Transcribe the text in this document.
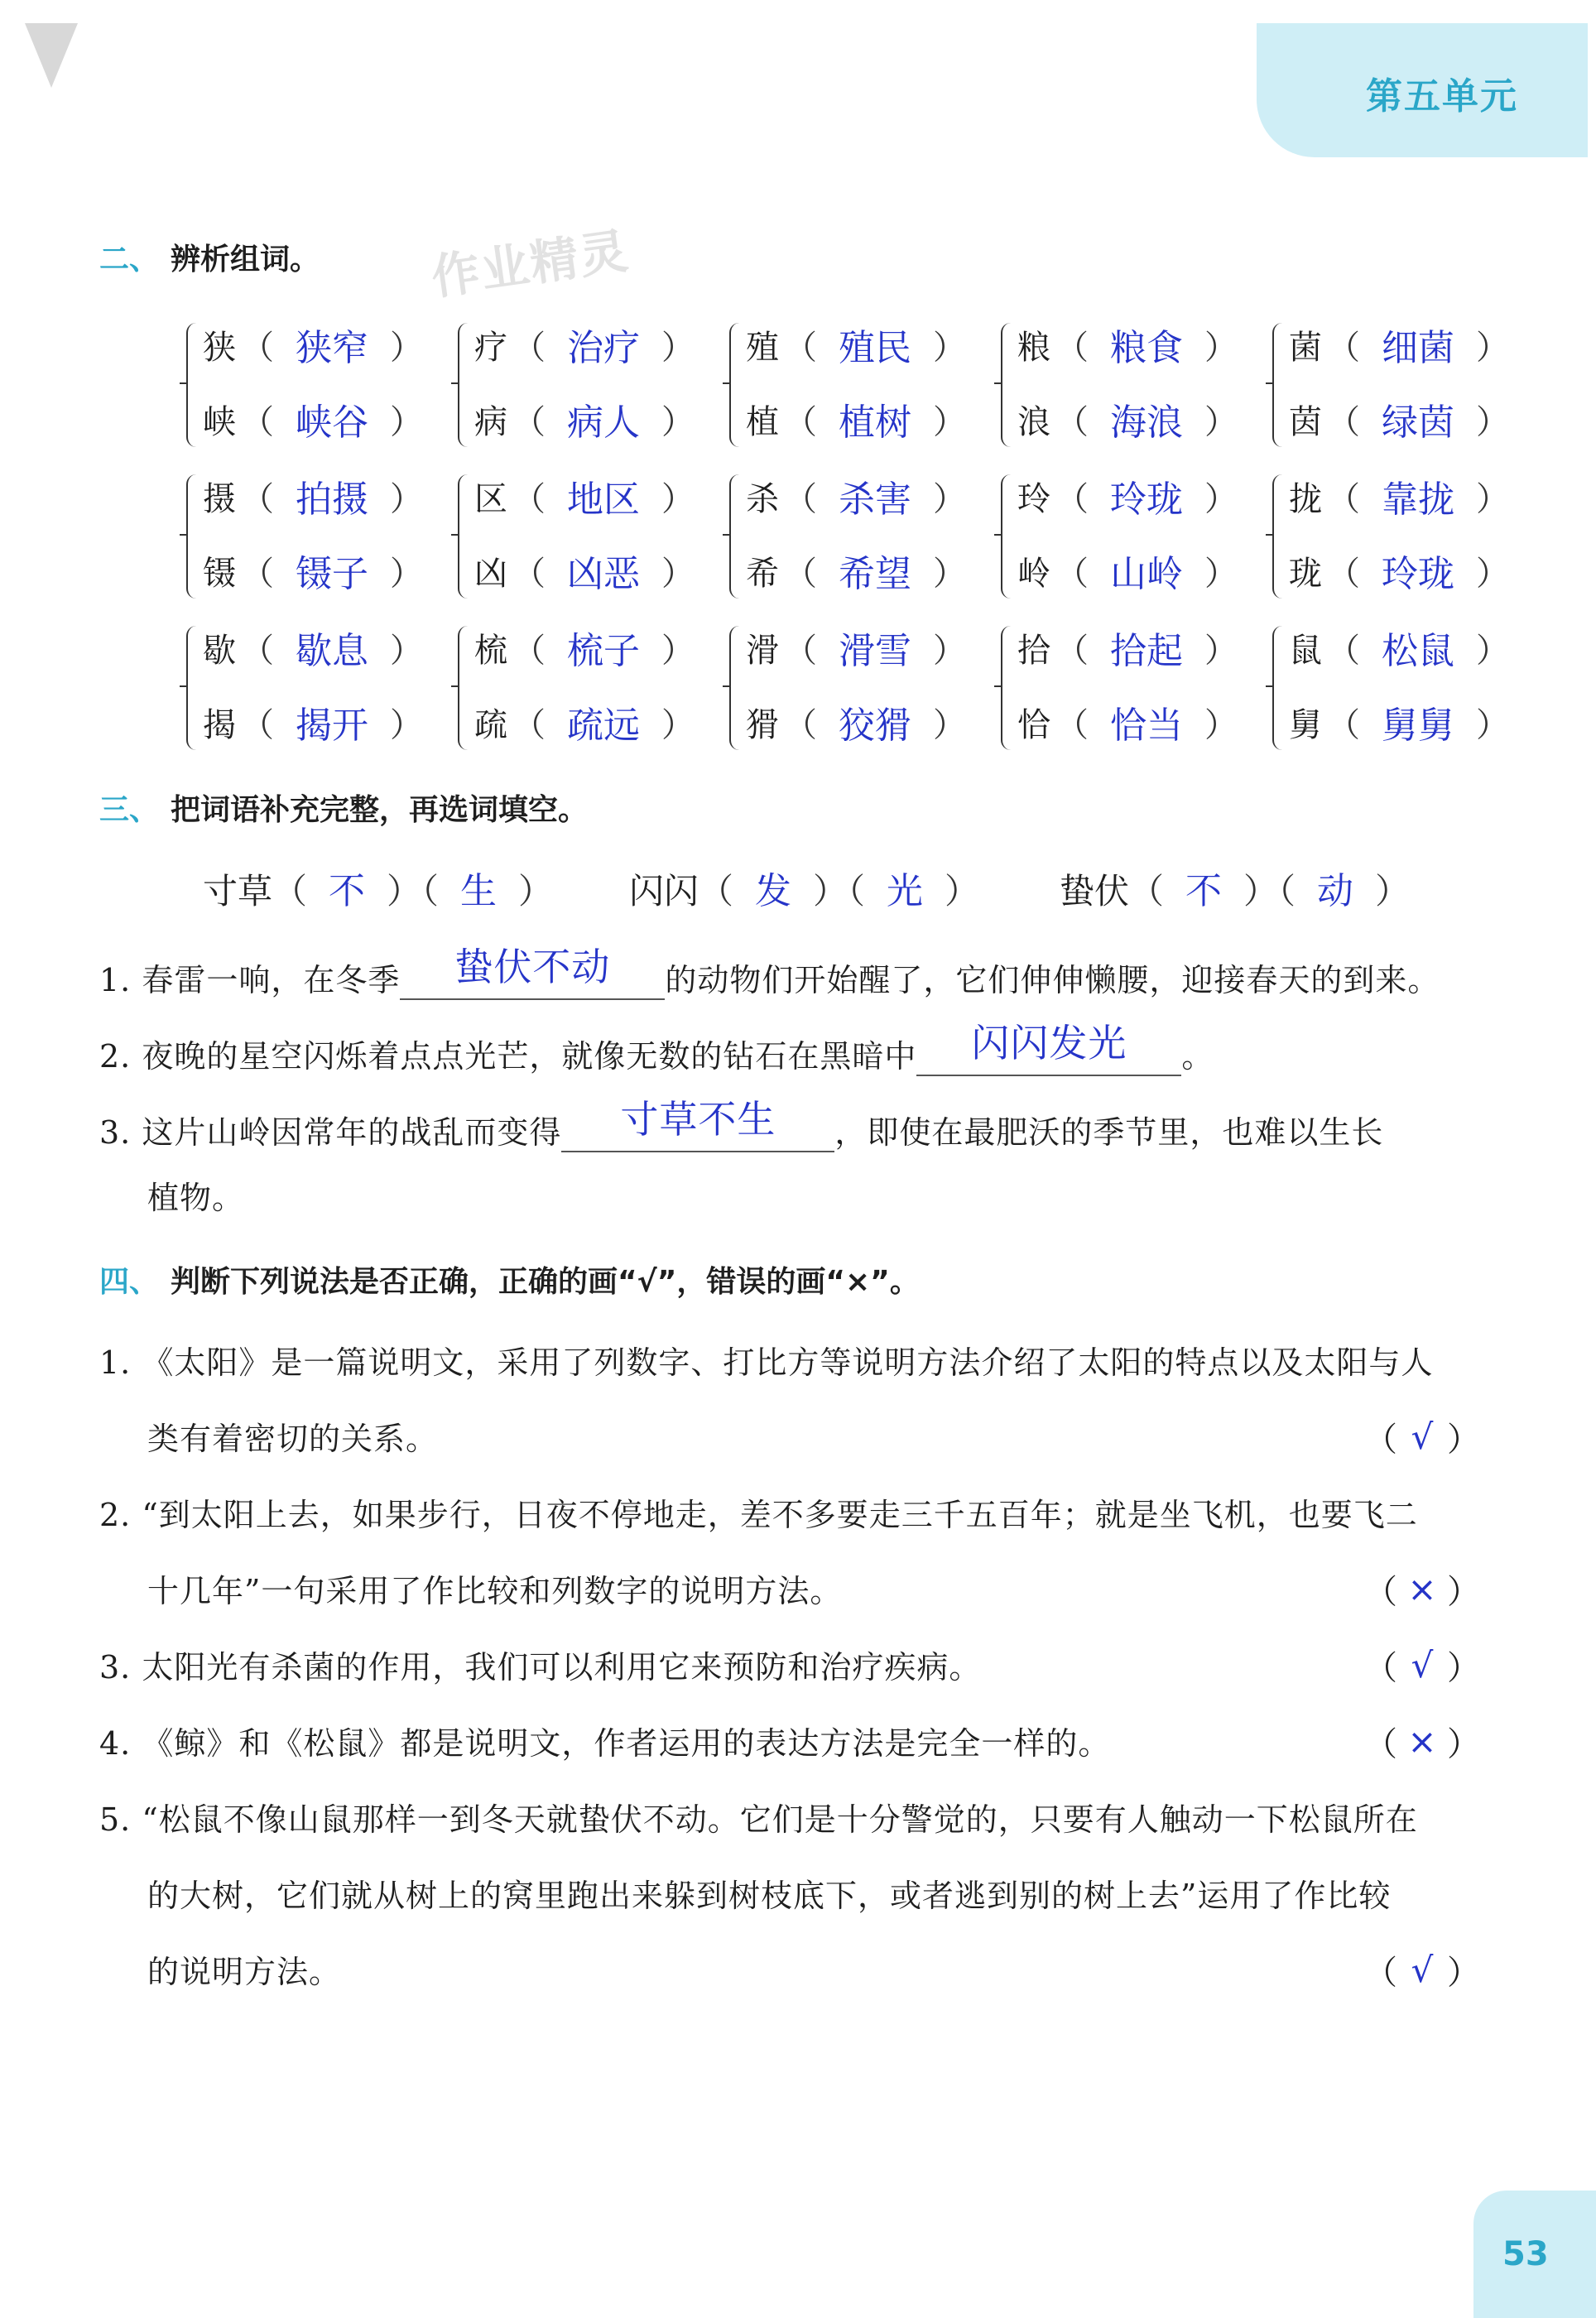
第五单元
作业精灵
二、 辨析组词。
狭 （ 狭窄 ）
峡 （ 峡谷 ）
疗 （ 治疗 ）
病 （ 病人 ）
殖 （ 殖民 ）
植 （ 植树 ）
粮 （ 粮食 ）
浪 （ 海浪 ）
菌 （ 细菌 ）
茵 （ 绿茵 ）
摄 （ 拍摄 ）
镊 （ 镊子 ）
区 （ 地区 ）
凶 （ 凶恶 ）
杀 （ 杀害 ）
希 （ 希望 ）
玲 （ 玲珑 ）
岭 （ 山岭 ）
拢 （ 靠拢 ）
珑 （ 玲珑 ）
歇 （ 歇息 ）
揭 （ 揭开 ）
梳 （ 梳子 ）
疏 （ 疏远 ）
滑 （ 滑雪 ）
猾 （ 狡猾 ）
拾 （ 拾起 ）
恰 （ 恰当 ）
鼠 （ 松鼠 ）
舅 （ 舅舅 ）
三、 把词语补充完整，再选词填空。
寸草（ 不 ）（ 生 ） 闪闪（ 发 ）（ 光 ） 蛰伏（ 不 ）（ 动 ）
1. 春雷一响，在冬季 蛰伏不动 的动物们开始醒了，它们伸伸懒腰，迎接春天的到来。
2. 夜晚的星空闪烁着点点光芒，就像无数的钻石在黑暗中 闪闪发光 。
3. 这片山岭因常年的战乱而变得 寸草不生 ，即使在最肥沃的季节里，也难以生长
植物。
四、 判断下列说法是否正确，正确的画“√”，错误的画“×”。
1. 《太阳》是一篇说明文，采用了列数字、打比方等说明方法介绍了太阳的特点以及太阳与人
类有着密切的关系。	（ √ ）
2. “到太阳上去，如果步行，日夜不停地走，差不多要走三千五百年；就是坐飞机，也要飞二
十几年”一句采用了作比较和列数字的说明方法。	（ × ）
3. 太阳光有杀菌的作用，我们可以利用它来预防和治疗疾病。	（ √ ）
4. 《鲸》和《松鼠》都是说明文，作者运用的表达方法是完全一样的。	（ × ）
5. “松鼠不像山鼠那样一到冬天就蛰伏不动。它们是十分警觉的，只要有人触动一下松鼠所在
的大树，它们就从树上的窝里跑出来躲到树枝底下，或者逃到别的树上去”运用了作比较
的说明方法。	（ √ ）
53
